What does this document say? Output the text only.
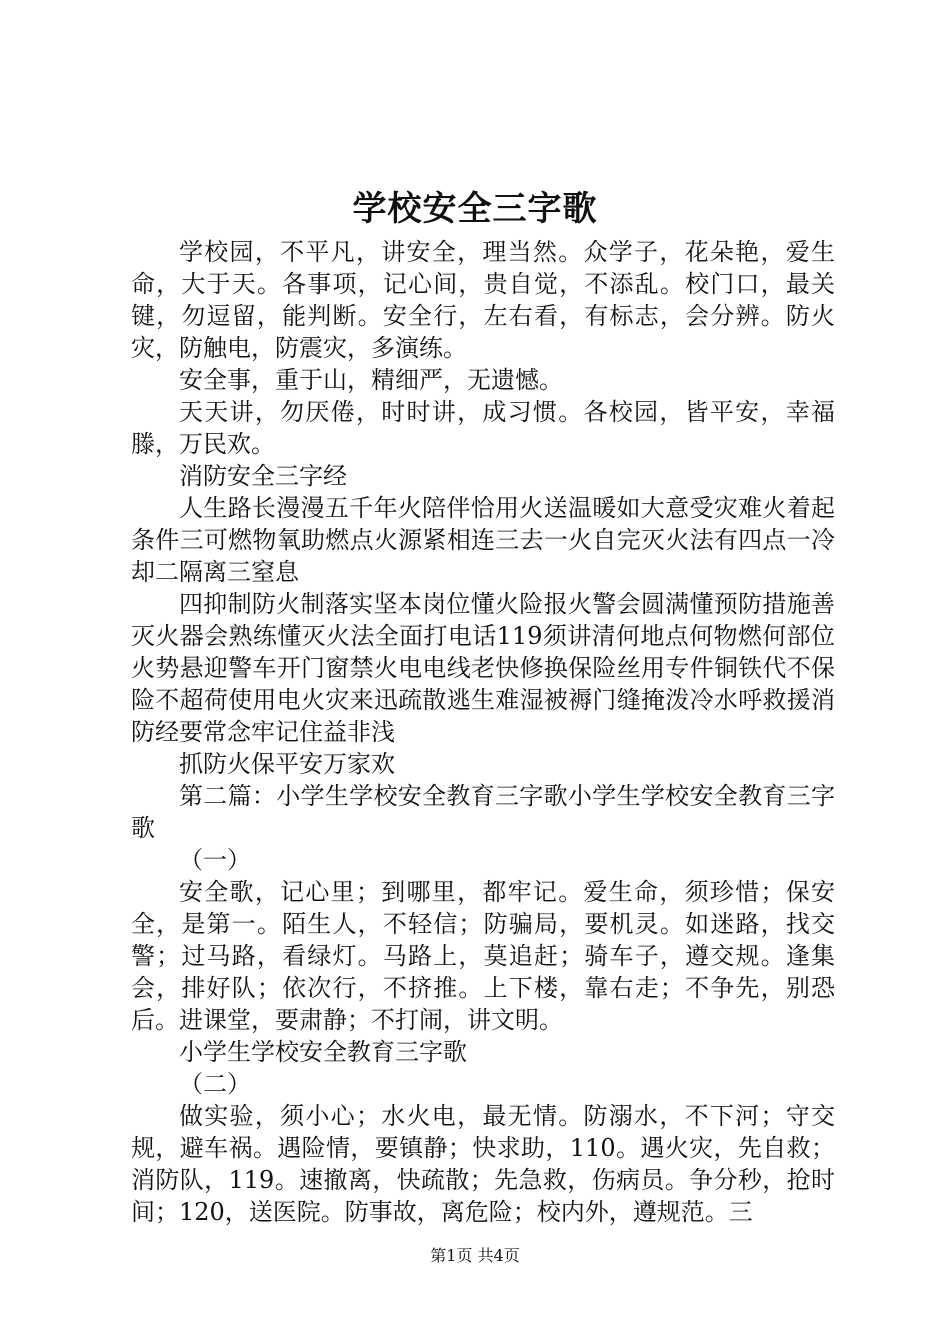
学校安全三字歌

学校园，不平凡，讲安全，理当然。众学子，花朵艳，爱生命，大于天。各事项，记心间，贵自觉，不添乱。校门口，最关键，勿逗留，能判断。安全行，左右看，有标志，会分辨。防火灾，防触电，防震灾，多演练。

安全事，重于山，精细严，无遗憾。

天天讲，勿厌倦，时时讲，成习惯。各校园，皆平安，幸福滕，万民欢。

消防安全三字经

人生路长漫漫五千年火陪伴恰用火送温暖如大意受灾难火着起条件三可燃物氧助燃点火源紧相连三去一火自完灭火法有四点一冷却二隔离三窒息

四抑制防火制落实坚本岗位懂火险报火警会圆满懂预防措施善灭火器会熟练懂灭火法全面打电话119须讲清何地点何物燃何部位火势悬迎警车开门窗禁火电电线老快修换保险丝用专件铜铁代不保险不超荷使用电火灾来迅疏散逃生难湿被褥门缝掩泼冷水呼救援消防经要常念牢记住益非浅

抓防火保平安万家欢

第二篇：小学生学校安全教育三字歌小学生学校安全教育三字歌

（一）

安全歌，记心里；到哪里，都牢记。爱生命，须珍惜；保安全，是第一。陌生人，不轻信；防骗局，要机灵。如迷路，找交警；过马路，看绿灯。马路上，莫追赶；骑车子，遵交规。逢集会，排好队；依次行，不挤推。上下楼，靠右走；不争先，别恐后。进课堂，要肃静；不打闹，讲文明。

小学生学校安全教育三字歌

（二）

做实验，须小心；水火电，最无情。防溺水，不下河；守交规，避车祸。遇险情，要镇静；快求助，110。遇火灾，先自救；消防队，119。速撤离，快疏散；先急救，伤病员。争分秒，抢时间；120，送医院。防事故，离危险；校内外，遵规范。三

第1页 共4页
